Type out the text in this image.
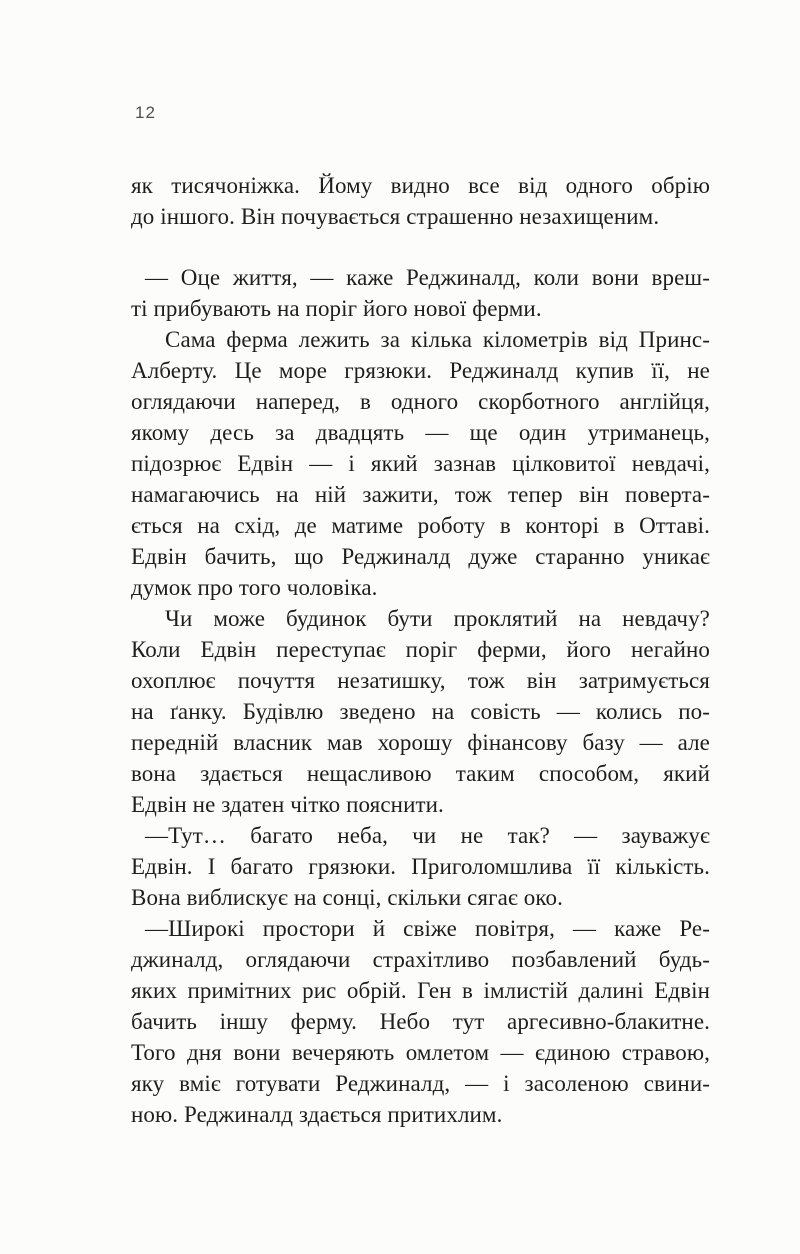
12
як тисячоніжка. Йому видно все від одного обрію
до іншого. Він почувається страшенно незахищеним.
— Оце життя, — каже Реджиналд, коли вони вреш-
ті прибувають на поріг його нової ферми.
Сама ферма лежить за кілька кілометрів від Принс-
Алберту. Це море грязюки. Реджиналд купив її, не
оглядаючи наперед, в одного скорботного англійця,
якому десь за двадцять — ще один утриманець,
підозрює Едвін — і який зазнав цілковитої невдачі,
намагаючись на ній зажити, тож тепер він поверта-
ється на схід, де матиме роботу в конторі в Оттаві.
Едвін бачить, що Реджиналд дуже старанно уникає
думок про того чоловіка.
Чи може будинок бути проклятий на невдачу?
Коли Едвін переступає поріг ферми, його негайно
охоплює почуття незатишку, тож він затримується
на ґанку. Будівлю зведено на совість — колись по-
передній власник мав хорошу фінансову базу — але
вона здається нещасливою таким способом, який
Едвін не здатен чітко пояснити.
—Тут… багато неба, чи не так? — зауважує
Едвін. І багато грязюки. Приголомшлива її кількість.
Вона виблискує на сонці, скільки сягає око.
—Широкі простори й свіже повітря, — каже Ре-
джиналд, оглядаючи страхітливо позбавлений будь-
яких примітних рис обрій. Ген в імлистій далині Едвін
бачить іншу ферму. Небо тут аргесивно-блакитне.
Того дня вони вечеряють омлетом — єдиною стравою,
яку вміє готувати Реджиналд, — і засоленою свини-
ною. Реджиналд здається притихлим.
